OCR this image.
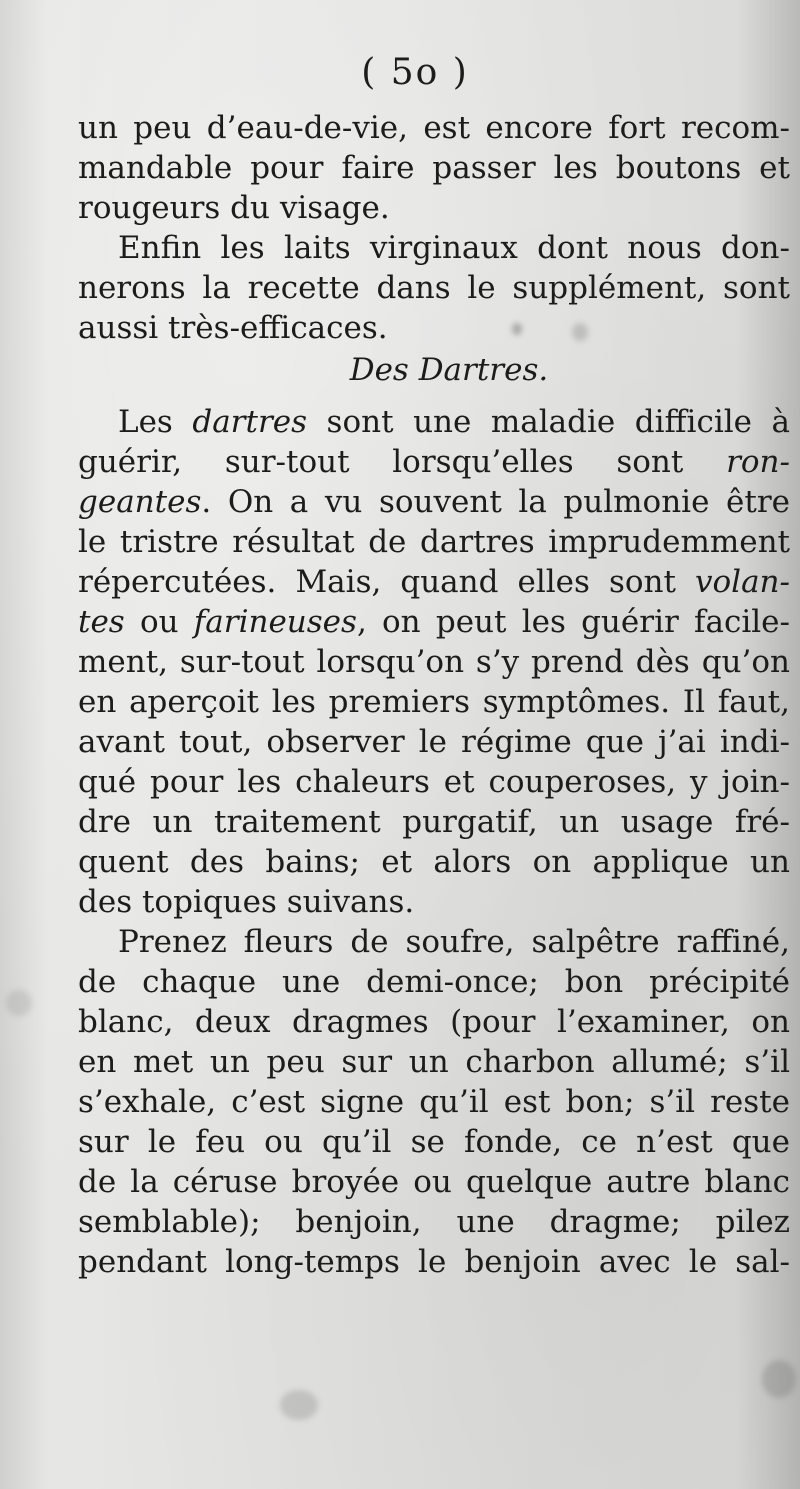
( 5o )
un peu d’eau-de-vie, est encore fort recom-
mandable pour faire passer les boutons et
rougeurs du visage.
Enfin les laits virginaux dont nous don-
nerons la recette dans le supplément, sont
aussi très-efficaces.
Des Dartres.
Les dartres sont une maladie difficile à
guérir, sur-tout lorsqu’elles sont ron-
geantes. On a vu souvent la pulmonie être
le tristre résultat de dartres imprudemment
répercutées. Mais, quand elles sont volan-
tes ou farineuses, on peut les guérir facile-
ment, sur-tout lorsqu’on s’y prend dès qu’on
en aperçoit les premiers symptômes. Il faut,
avant tout, observer le régime que j’ai indi-
qué pour les chaleurs et couperoses, y join-
dre un traitement purgatif, un usage fré-
quent des bains; et alors on applique un
des topiques suivans.
Prenez fleurs de soufre, salpêtre raffiné,
de chaque une demi-once; bon précipité
blanc, deux dragmes (pour l’examiner, on
en met un peu sur un charbon allumé; s’il
s’exhale, c’est signe qu’il est bon; s’il reste
sur le feu ou qu’il se fonde, ce n’est que
de la céruse broyée ou quelque autre blanc
semblable); benjoin, une dragme; pilez
pendant long-temps le benjoin avec le sal-
